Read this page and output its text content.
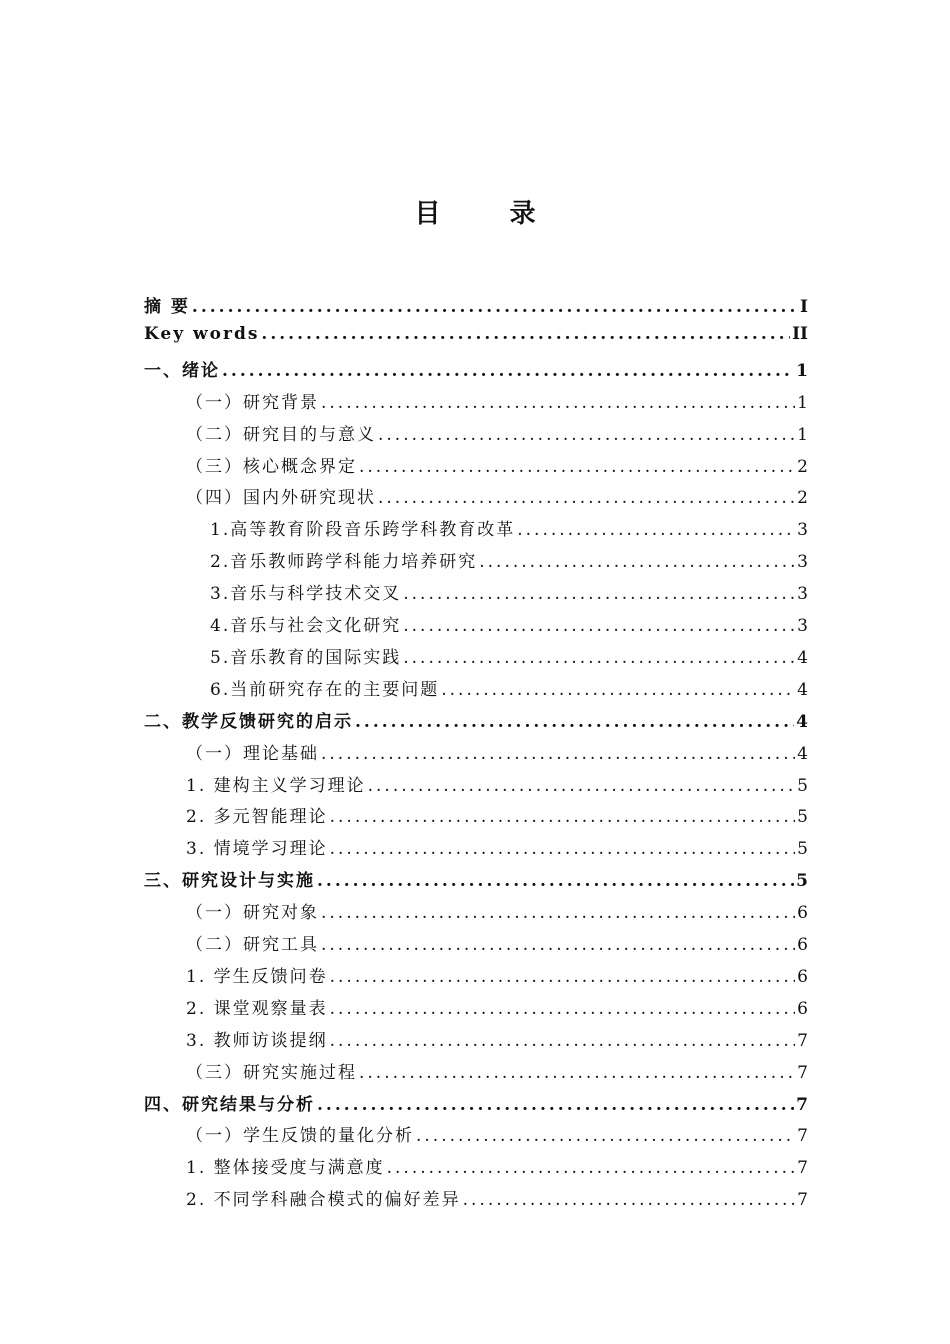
目 录
摘 要 .....	I
Key words .....	II
一、绪论 .....	1
（一）研究背景 .....	1
（二）研究目的与意义 .....	1
（三）核心概念界定 .....	2
（四）国内外研究现状 .....	2
1.高等教育阶段音乐跨学科教育改革 .....	3
2.音乐教师跨学科能力培养研究 .....	3
3.音乐与科学技术交叉 .....	3
4.音乐与社会文化研究 .....	3
5.音乐教育的国际实践 .....	4
6.当前研究存在的主要问题 .....	4
二、教学反馈研究的启示 .....	4
（一）理论基础 .....	4
1. 建构主义学习理论 .....	5
2. 多元智能理论 .....	5
3. 情境学习理论 .....	5
三、研究设计与实施 .....	5
（一）研究对象 .....	6
（二）研究工具 .....	6
1. 学生反馈问卷 .....	6
2. 课堂观察量表 .....	6
3. 教师访谈提纲 .....	7
（三）研究实施过程 .....	7
四、研究结果与分析 .....	7
（一）学生反馈的量化分析 .....	7
1. 整体接受度与满意度 .....	7
2. 不同学科融合模式的偏好差异 .....	7
